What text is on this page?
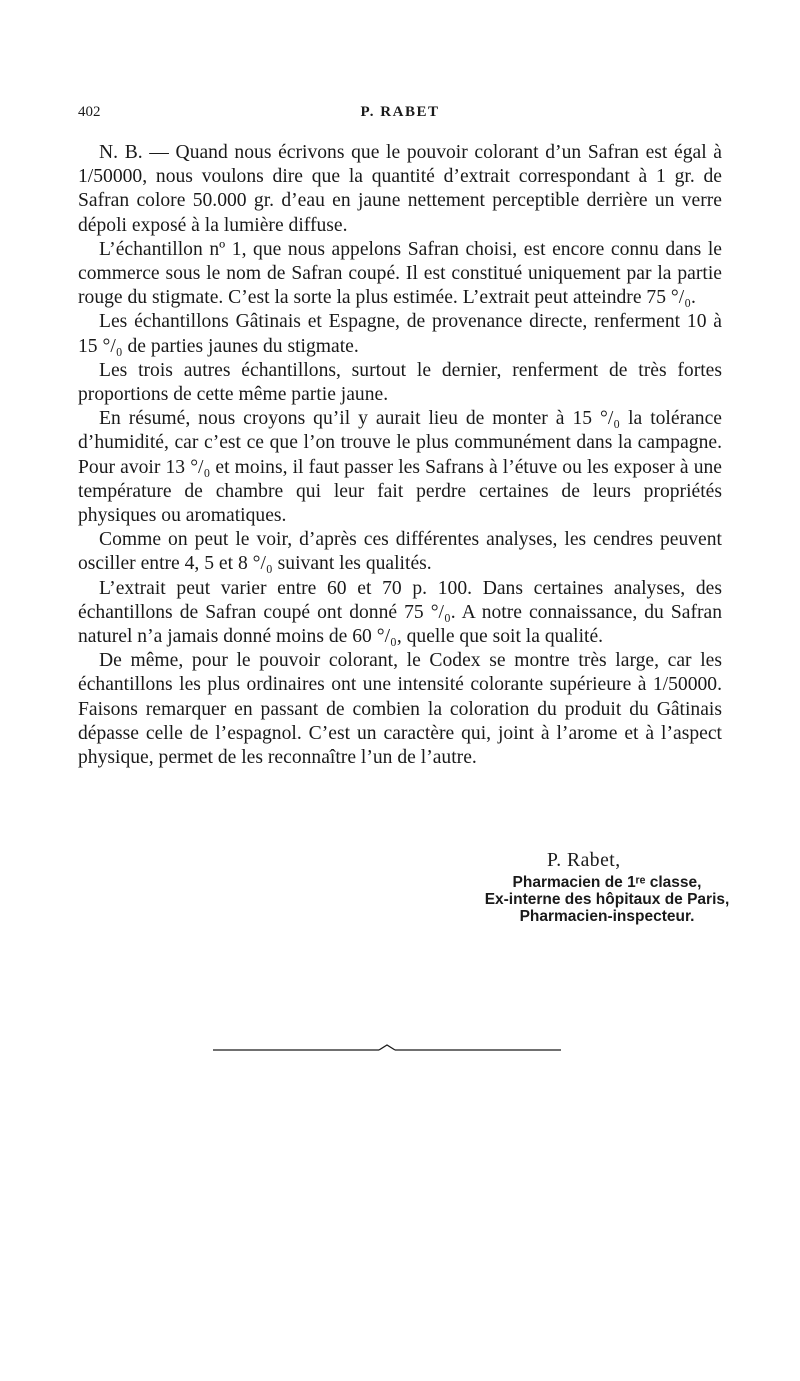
402	P. RABET

N. B. — Quand nous écrivons que le pouvoir colorant d’un Safran est égal à 1/50000, nous voulons dire que la quantité d’extrait correspondant à 1 gr. de Safran colore 50.000 gr. d’eau en jaune nettement perceptible derrière un verre dépoli exposé à la lumière diffuse.

L’échantillon nº 1, que nous appelons Safran choisi, est encore connu dans le commerce sous le nom de Safran coupé. Il est constitué uniquement par la partie rouge du stigmate. C’est la sorte la plus estimée. L’extrait peut atteindre 75 °/₀.

Les échantillons Gâtinais et Espagne, de provenance directe, renferment 10 à 15 °/₀ de parties jaunes du stigmate.

Les trois autres échantillons, surtout le dernier, renferment de très fortes proportions de cette même partie jaune.

En résumé, nous croyons qu’il y aurait lieu de monter à 15 °/₀ la tolérance d’humidité, car c’est ce que l’on trouve le plus communément dans la campagne. Pour avoir 13 °/₀ et moins, il faut passer les Safrans à l’étuve ou les exposer à une température de chambre qui leur fait perdre certaines de leurs propriétés physiques ou aromatiques.

Comme on peut le voir, d’après ces différentes analyses, les cendres peuvent osciller entre 4, 5 et 8 °/₀ suivant les qualités.

L’extrait peut varier entre 60 et 70 p. 100. Dans certaines analyses, des échantillons de Safran coupé ont donné 75 °/₀. A notre connaissance, du Safran naturel n’a jamais donné moins de 60 °/₀, quelle que soit la qualité.

De même, pour le pouvoir colorant, le Codex se montre très large, car les échantillons les plus ordinaires ont une intensité colorante supérieure à 1/50000. Faisons remarquer en passant de combien la coloration du produit du Gâtinais dépasse celle de l’espagnol. C’est un caractère qui, joint à l’arome et à l’aspect physique, permet de les reconnaître l’un de l’autre.

P. Rabet,
Pharmacien de 1ʳᵉ classe,
Ex-interne des hôpitaux de Paris,
Pharmacien-inspecteur.
